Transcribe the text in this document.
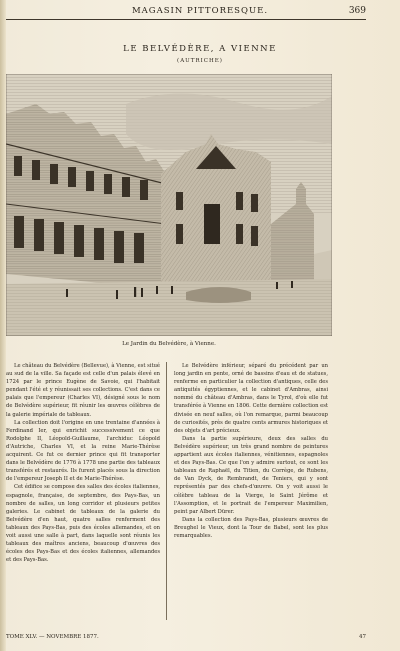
MAGASIN PITTORESQUE.	369
LE BELVÉDÈRE, A VIENNE
(AUTRICHE)
Le Jardin du Belvédère, à Vienne.

Le château du Belvédère (Bellevue), à Vienne, est situé au sud de la ville. Sa façade est celle d'un palais élevé en 1724 par le prince Eugène de Savoie, qui l'habitait pendant l'été et y réunissait ses collections. C'est dans ce palais que l'empereur (Charles VI), désigné sous le nom de Belvédère supérieur, fit réunir les œuvres célèbres de la galerie impériale de tableaux.

La collection doit l'origine en une trentaine d'années à Ferdinand Ier, qui enrichit successivement ce que Rodolphe II, Léopold-Guillaume, l'archiduc Léopold d'Autriche, Charles VI, et la reine Marie-Thérèse acquirent. Ce fut ce dernier prince qui fit transporter dans le Belvédère de 1776 à 1778 une partie des tableaux transférés et restaurés. Ils furent placés sous la direction de l'empereur Joseph II et de Marie-Thérèse.

Cet édifice se compose des salles des écoles italiennes, espagnole, française, de septembre, des Pays-Bas, un nombre de salles, un long corridor et plusieurs petites galeries. Le cabinet de tableaux de la galerie du Belvédère d'en haut, quatre salles renferment des tableaux des Pays-Bas, puis des écoles allemandes, et on voit aussi une salle à part, dans laquelle sont réunis les tableaux des maîtres anciens, beaucoup d'œuvres des écoles des Pays-Bas et des écoles italiennes, allemandes et des Pays-Bas.

Le Belvédère inférieur, séparé du précédent par un long jardin en pente, orné de bassins d'eau et de statues, renferme en particulier la collection d'antiques, celle des antiquités égyptiennes, et le cabinet d'Ambras, ainsi nommé du château d'Ambras, dans le Tyrol, d'où elle fut transférée à Vienne en 1806. Cette dernière collection est divisée en neuf salles, où l'on remarque, parmi beaucoup de curiosités, près de quatre cents armures historiques et des objets d'art précieux.

Dans la partie supérieure, deux des salles du Belvédère supérieur, un très grand nombre de peintures appartient aux écoles italiennes, vénitiennes, espagnoles et des Pays-Bas. Ce que l'on y admire surtout, ce sont les tableaux de Raphaël, du Titien, du Corrège, de Rubens, de Van Dyck, de Rembrandt, de Teniers, qui y sont représentés par des chefs-d'œuvre. On y voit aussi le célèbre tableau de la Vierge, le Saint Jérôme et l'Assomption, et le portrait de l'empereur Maximilien, peint par Albert Dürer.

Dans la collection des Pays-Bas, plusieurs œuvres de Breughel le Vieux, dont la Tour de Babel, sont les plus remarquables.

TOME XLV. — NOVEMBRE 1877.	47
